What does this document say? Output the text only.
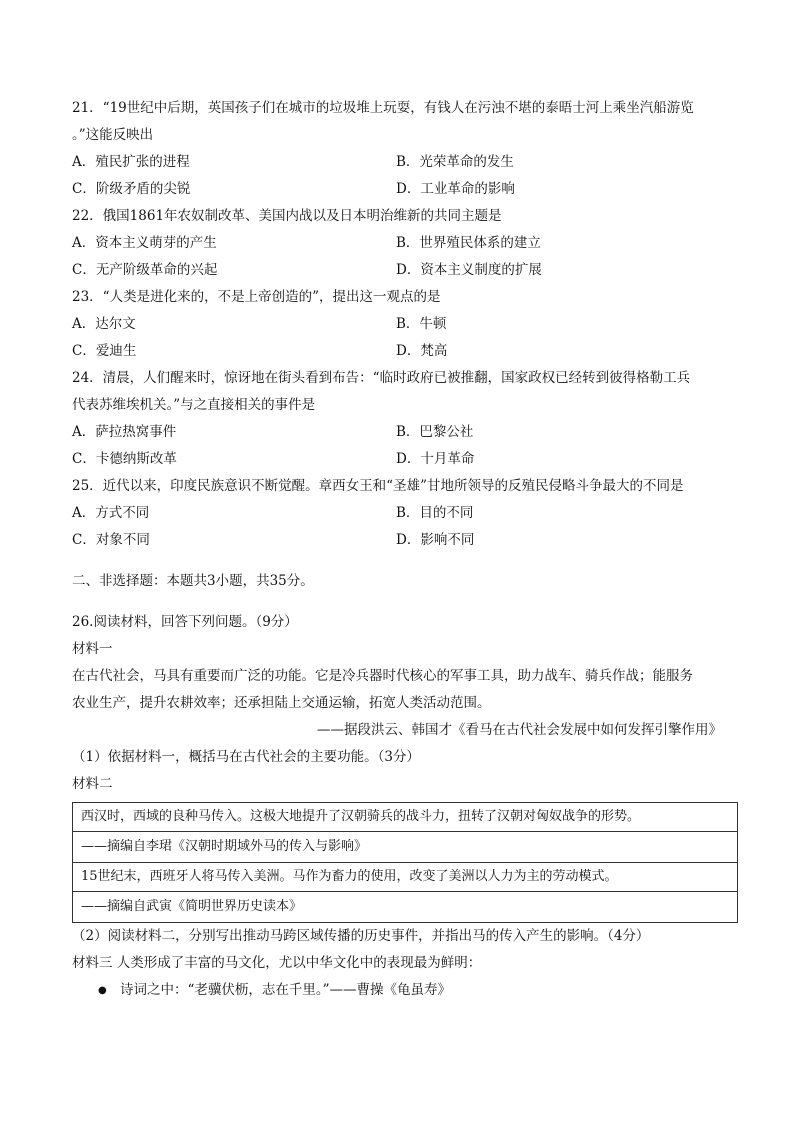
21．“19世纪中后期，英国孩子们在城市的垃圾堆上玩耍，有钱人在污浊不堪的泰晤士河上乘坐汽船游览
。”这能反映出
A．殖民扩张的进程	B．光荣革命的发生
C．阶级矛盾的尖锐	D．工业革命的影响
22．俄国1861年农奴制改革、美国内战以及日本明治维新的共同主题是
A．资本主义萌芽的产生	B．世界殖民体系的建立
C．无产阶级革命的兴起	D．资本主义制度的扩展
23．“人类是进化来的，不是上帝创造的”，提出这一观点的是
A．达尔文	B．牛顿
C．爱迪生	D．梵高
24．清晨，人们醒来时，惊讶地在街头看到布告：“临时政府已被推翻，国家政权已经转到彼得格勒工兵
代表苏维埃机关。”与之直接相关的事件是
A．萨拉热窝事件	B．巴黎公社
C．卡德纳斯改革	D．十月革命
25．近代以来，印度民族意识不断觉醒。章西女王和“圣雄”甘地所领导的反殖民侵略斗争最大的不同是
A．方式不同	B．目的不同
C．对象不同	D．影响不同
二、非选择题：本题共3小题，共35分。
26.阅读材料，回答下列问题。（9分）
材料一
在古代社会，马具有重要而广泛的功能。它是冷兵器时代核心的军事工具，助力战车、骑兵作战；能服务
农业生产，提升农耕效率；还承担陆上交通运输，拓宽人类活动范围。
——据段洪云、韩国才《看马在古代社会发展中如何发挥引擎作用》
（1）依据材料一，概括马在古代社会的主要功能。（3分）
材料二
西汉时，西域的良种马传入。这极大地提升了汉朝骑兵的战斗力，扭转了汉朝对匈奴战争的形势。
——摘编自李珺《汉朝时期域外马的传入与影响》
15世纪末，西班牙人将马传入美洲。马作为畜力的使用，改变了美洲以人力为主的劳动模式。
——摘编自武寅《简明世界历史读本》
（2）阅读材料二，分别写出推动马跨区域传播的历史事件，并指出马的传入产生的影响。（4分）
材料三 人类形成了丰富的马文化，尤以中华文化中的表现最为鲜明：
● 诗词之中：“老骥伏枥，志在千里。”——曹操《龟虽寿》
